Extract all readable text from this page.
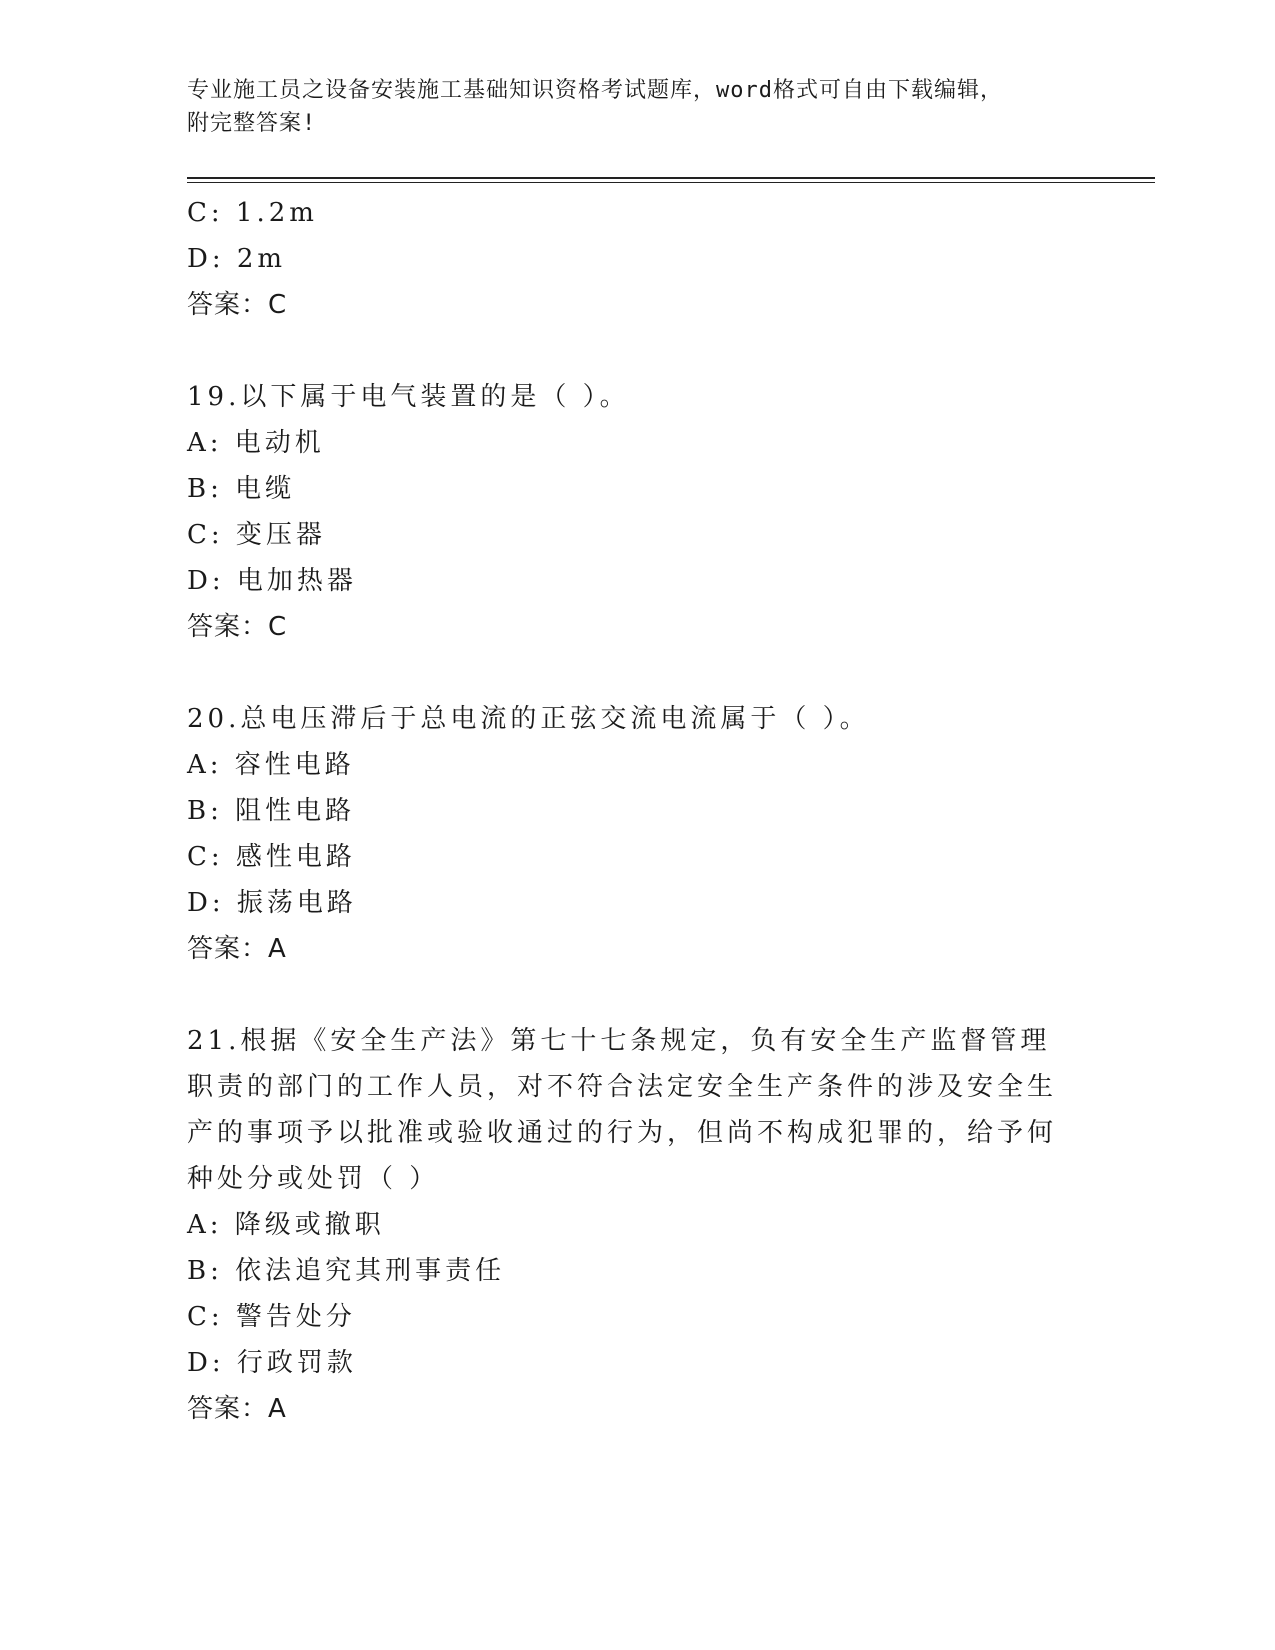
专业施工员之设备安装施工基础知识资格考试题库，word格式可自由下载编辑，
附完整答案!
C: 1.2m
D: 2m
答案：C
19.以下属于电气装置的是（ ）。
A: 电动机
B: 电缆
C: 变压器
D: 电加热器
答案：C
20.总电压滞后于总电流的正弦交流电流属于（ ）。
A: 容性电路
B: 阻性电路
C: 感性电路
D: 振荡电路
答案：A
21.根据《安全生产法》第七十七条规定，负有安全生产监督管理职责的部门的工作人员，对不符合法定安全生产条件的涉及安全生产的事项予以批准或验收通过的行为，但尚不构成犯罪的，给予何种处分或处罚（ ）
A: 降级或撤职
B: 依法追究其刑事责任
C: 警告处分
D: 行政罚款
答案：A
